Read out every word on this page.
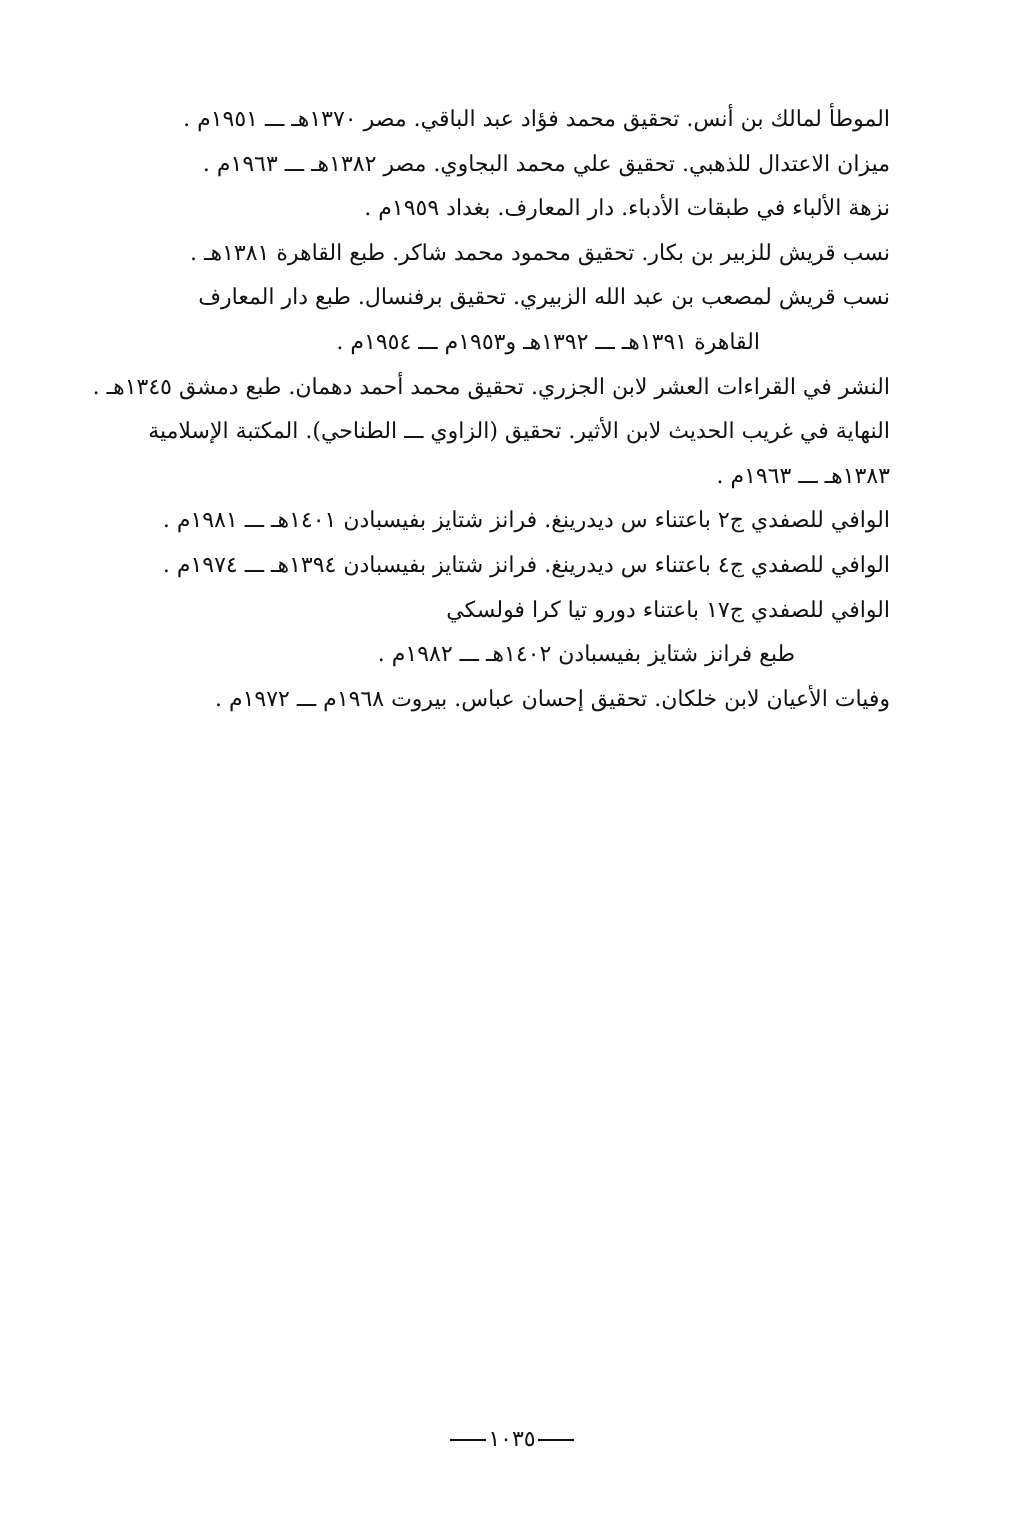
الموطأ لمالك بن أنس. تحقيق محمد فؤاد عبد الباقي. مصر ١٣٧٠هـ ـــ ١٩٥١م .
ميزان الاعتدال للذهبي. تحقيق علي محمد البجاوي. مصر ١٣٨٢هـ ـــ ١٩٦٣م .
نزهة الألباء في طبقات الأدباء. دار المعارف. بغداد ١٩٥٩م .
نسب قريش للزبير بن بكار. تحقيق محمود محمد شاكر. طبع القاهرة ١٣٨١هـ .
نسب قريش لمصعب بن عبد الله الزبيري. تحقيق برفنسال. طبع دار المعارف
القاهرة ١٣٩١هـ ـــ ١٣٩٢هـ و١٩٥٣م ـــ ١٩٥٤م .
النشر في القراءات العشر لابن الجزري. تحقيق محمد أحمد دهمان. طبع دمشق ١٣٤٥هـ .
النهاية في غريب الحديث لابن الأثير. تحقيق (الزاوي ـــ الطناحي). المكتبة الإسلامية
١٣٨٣هـ ـــ ١٩٦٣م .
الوافي للصفدي ج٢ باعتناء س ديدرينغ. فرانز شتايز بفيسبادن ١٤٠١هـ ـــ ١٩٨١م .
الوافي للصفدي ج٤ باعتناء س ديدرينغ. فرانز شتايز بفيسبادن ١٣٩٤هـ ـــ ١٩٧٤م .
الوافي للصفدي ج١٧ باعتناء دورو تيا كرا فولسكي
طبع فرانز شتايز بفيسبادن ١٤٠٢هـ ـــ ١٩٨٢م .
وفيات الأعيان لابن خلكان. تحقيق إحسان عباس. بيروت ١٩٦٨م ـــ ١٩٧٢م .
١٠٣٥
